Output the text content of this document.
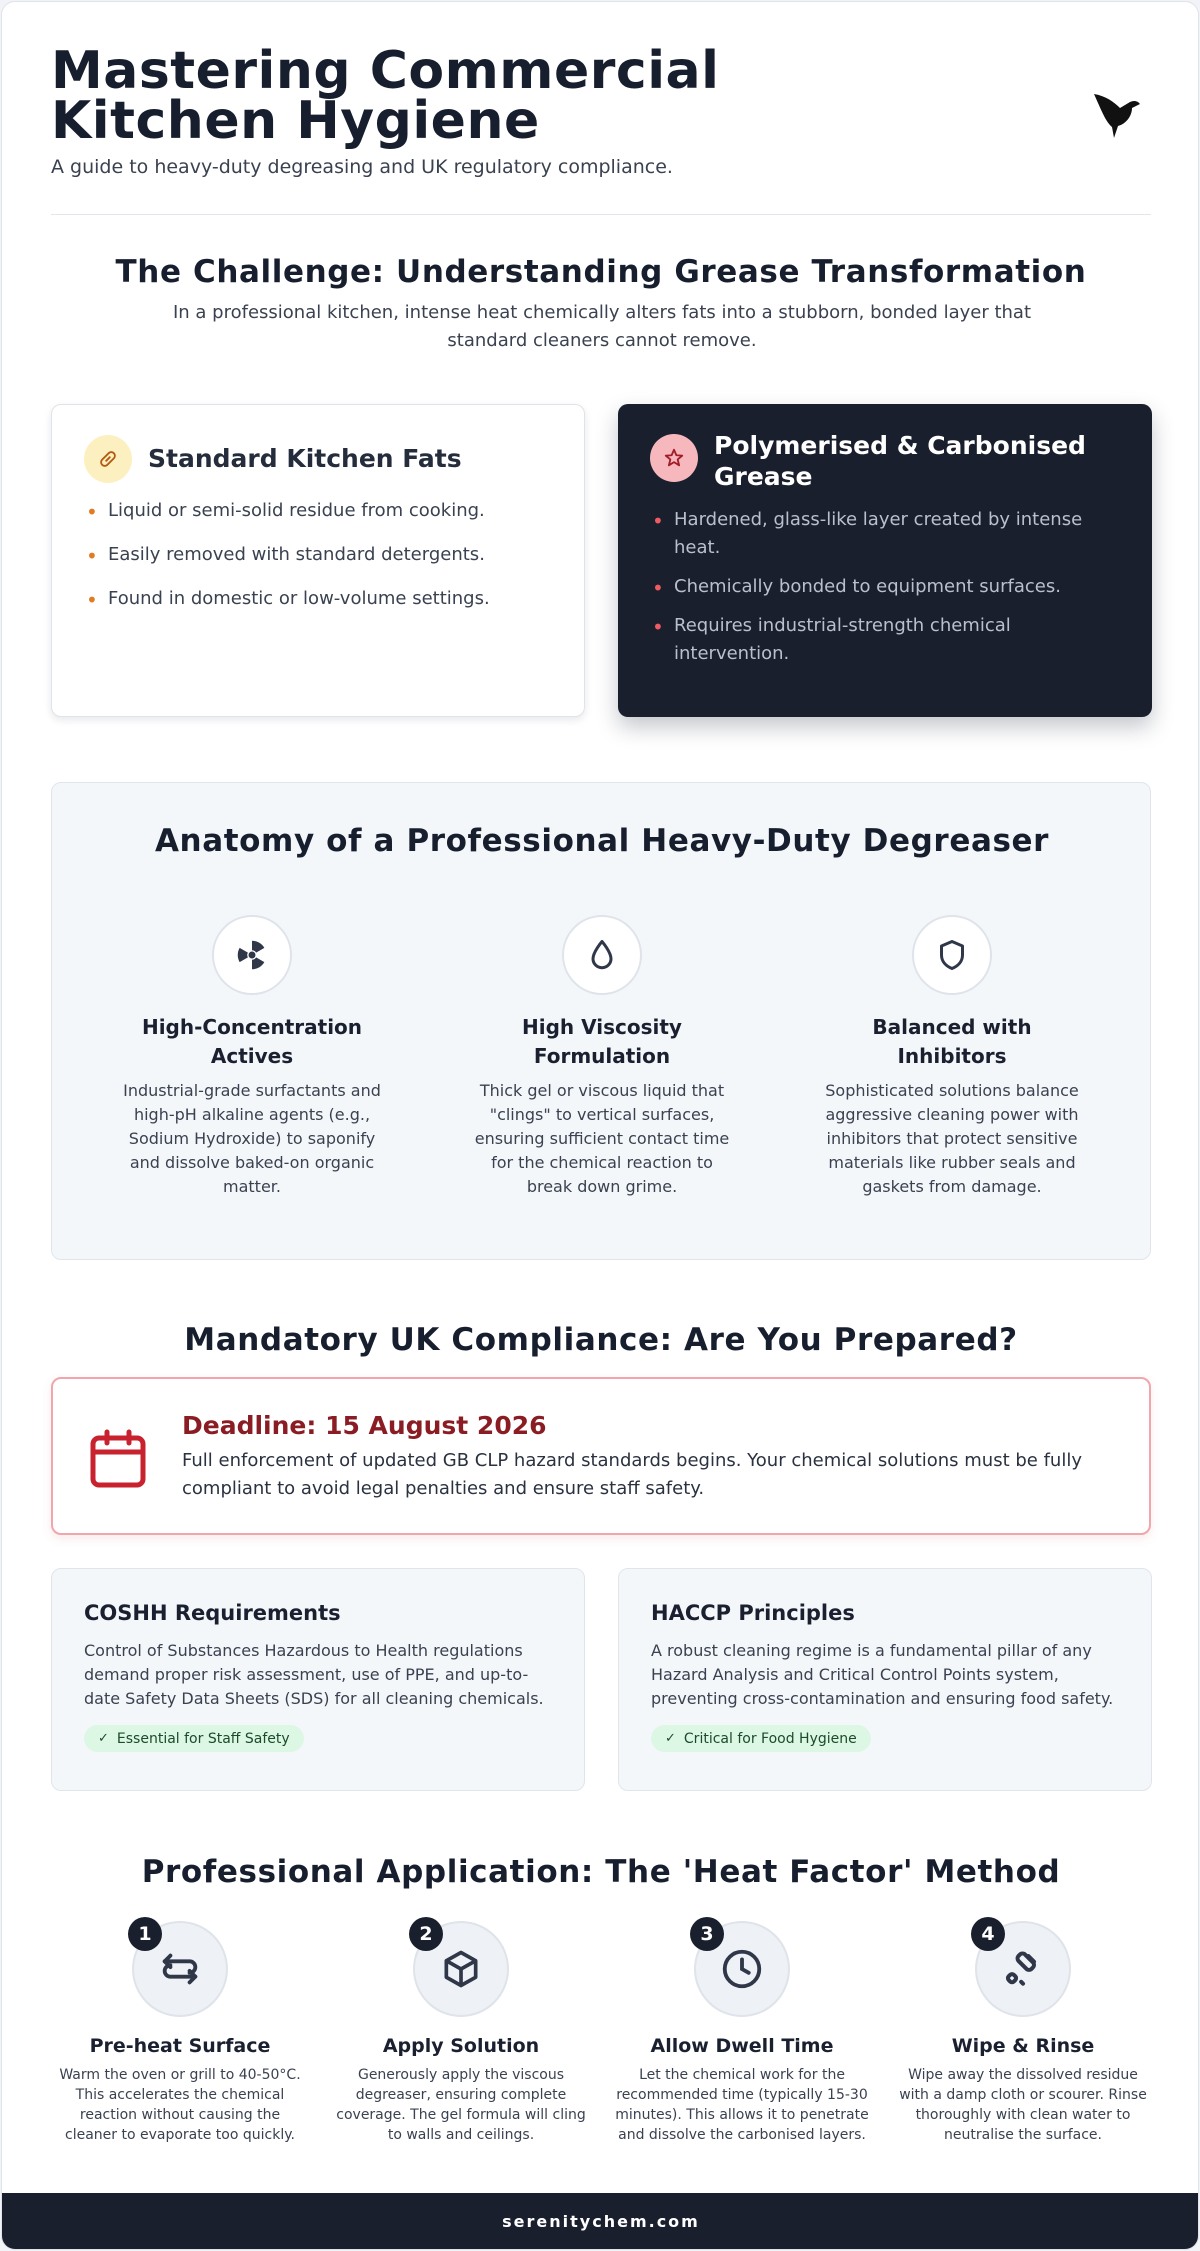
Mastering Commercial Kitchen Hygiene

A guide to heavy-duty degreasing and UK regulatory compliance.

The Challenge: Understanding Grease Transformation
In a professional kitchen, intense heat chemically alters fats into a stubborn, bonded layer that standard cleaners cannot remove.
Standard Kitchen Fats
• Liquid or semi-solid residue from cooking.
• Easily removed with standard detergents.
• Found in domestic or low-volume settings.
Polymerised & Carbonised Grease
• Hardened, glass-like layer created by intense heat.
• Chemically bonded to equipment surfaces.
• Requires industrial-strength chemical intervention.
Anatomy of a Professional Heavy-Duty Degreaser
High-Concentration Actives

Industrial-grade surfactants and high-pH alkaline agents (e.g., Sodium Hydroxide) to saponify and dissolve baked-on organic matter.

High Viscosity Formulation

Thick gel or viscous liquid that "clings" to vertical surfaces, ensuring sufficient contact time for the chemical reaction to break down grime.

Balanced with Inhibitors

Sophisticated solutions balance aggressive cleaning power with inhibitors that protect sensitive materials like rubber seals and gaskets from damage.

Mandatory UK Compliance: Are You Prepared?
Deadline: 15 August 2026

Full enforcement of updated GB CLP hazard standards begins. Your chemical solutions must be fully compliant to avoid legal penalties and ensure staff safety.

COSHH Requirements

Control of Substances Hazardous to Health regulations demand proper risk assessment, use of PPE, and up-to-date Safety Data Sheets (SDS) for all cleaning chemicals.

✓ Essential for Staff Safety
HACCP Principles

A robust cleaning regime is a fundamental pillar of any Hazard Analysis and Critical Control Points system, preventing cross-contamination and ensuring food safety.

✓ Critical for Food Hygiene
Professional Application: The 'Heat Factor' Method
1
Pre-heat Surface

Warm the oven or grill to 40-50°C. This accelerates the chemical reaction without causing the cleaner to evaporate too quickly.

2
Apply Solution

Generously apply the viscous degreaser, ensuring complete coverage. The gel formula will cling to walls and ceilings.

3
Allow Dwell Time

Let the chemical work for the recommended time (typically 15-30 minutes). This allows it to penetrate and dissolve the carbonised layers.

4
Wipe & Rinse

Wipe away the dissolved residue with a damp cloth or scourer. Rinse thoroughly with clean water to neutralise the surface.

serenitychem.com
